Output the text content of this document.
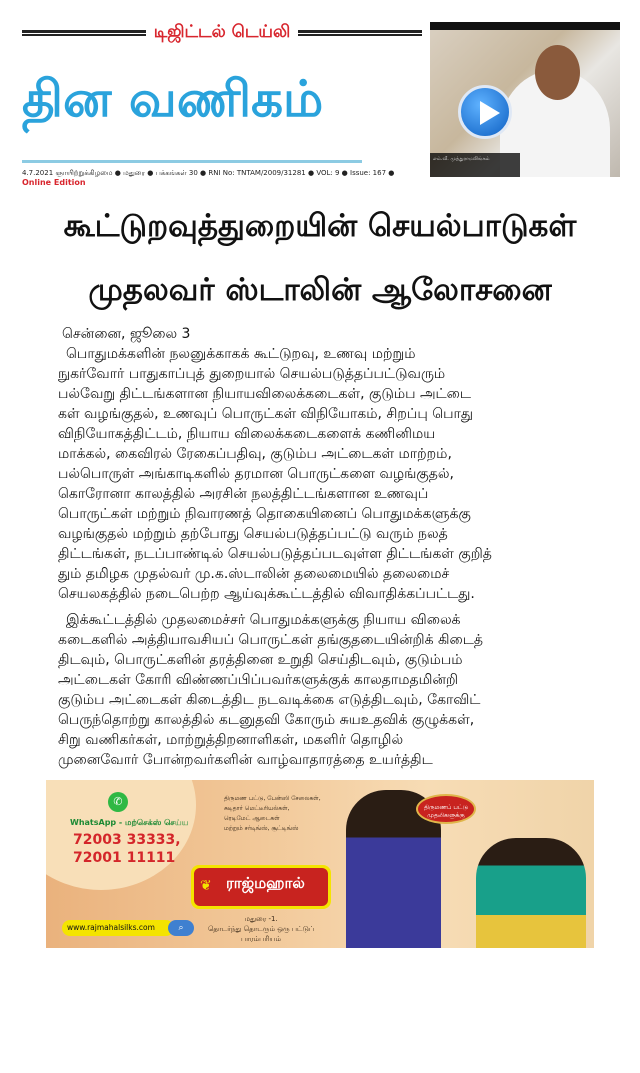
டிஜிட்டல் டெய்லி
தின வணிகம்
எம்.வீ. முத்துராமலிங்கம்
4.7.2021 ஞாயிற்றுக்கிழமை ● மதுரை ● பக்கங்கள் 30 ● RNI No: TNTAM/2009/31281 ● VOL: 9 ● Issue: 167 ● Online Edition
கூட்டுறவுத்துறையின் செயல்பாடுகள்
முதலவர் ஸ்டாலின் ஆலோசனை
சென்னை, ஜூலை 3
பொதுமக்களின் நலனுக்காகக் கூட்டுறவு, உணவு மற்றும்
நுகர்வோர் பாதுகாப்புத் துறையால் செயல்படுத்தப்பட்டுவரும்
பல்வேறு திட்டங்களான நியாயவிலைக்கடைகள், குடும்ப அட்டை
கள் வழங்குதல், உணவுப் பொருட்கள் விநியோகம், சிறப்பு பொது
விநியோகத்திட்டம், நியாய விலைக்கடைகளைக் கணினிமய
மாக்கல், கைவிரல் ரேகைப்பதிவு, குடும்ப அட்டைகள் மாற்றம்,
பல்பொருள் அங்காடிகளில் தரமான பொருட்களை வழங்குதல்,
கொரோனா காலத்தில் அரசின் நலத்திட்டங்களான உணவுப்
பொருட்கள் மற்றும் நிவாரணத் தொகையினைப் பொதுமக்களுக்கு
வழங்குதல் மற்றும் தற்போது செயல்படுத்தப்பட்டு வரும் நலத்
திட்டங்கள், நடப்பாண்டில் செயல்படுத்தப்படவுள்ள திட்டங்கள் குறித்
தும் தமிழக முதல்வர் மு.க.ஸ்டாலின் தலைமையில் தலைமைச்
செயலகத்தில் நடைபெற்ற ஆய்வுக்கூட்டத்தில் விவாதிக்கப்பட்டது.
இக்கூட்டத்தில் முதலமைச்சர் பொதுமக்களுக்கு நியாய விலைக்
கடைகளில் அத்தியாவசியப் பொருட்கள் தங்குதடையின்றிக் கிடைத்
திடவும், பொருட்களின் தரத்தினை உறுதி செய்திடவும், குடும்பம்
அட்டைகள் கோரி விண்ணப்பிப்பவர்களுக்குக் காலதாமதமின்றி
குடும்ப அட்டைகள் கிடைத்திட நடவடிக்கை எடுத்திடவும், கோவிட்
பெருந்தொற்று காலத்தில் கடனுதவி கோரும் சுயஉதவிக் குழுக்கள்,
சிறு வணிகர்கள், மாற்றுத்திறனாளிகள், மகளிர் தொழில்
முனைவோர் போன்றவர்களின் வாழ்வாதாரத்தை உயர்த்திட
✆
WhatsApp - மற்செக்ஸ் செய்ய
72003 33333,
72001 11111
திருமண பட்டு, பேன்ஸி சேலைகள்,
சுடிதார் மெட்டீரியல்கள்,
ரெடிமேட் ஆடைகள்
மற்றும் சர்டிங்ஸ், சூட்டிங்ஸ்
❦ ராஜ்மஹால்
மதுரை -1.
தொடர்ந்து தொடரும் ஒரு பட்டுப் பாரம்பரியம்
www.rajmahalsilks.com	⌕
திருமணப் பட்டு முதலிகளுக்கு
